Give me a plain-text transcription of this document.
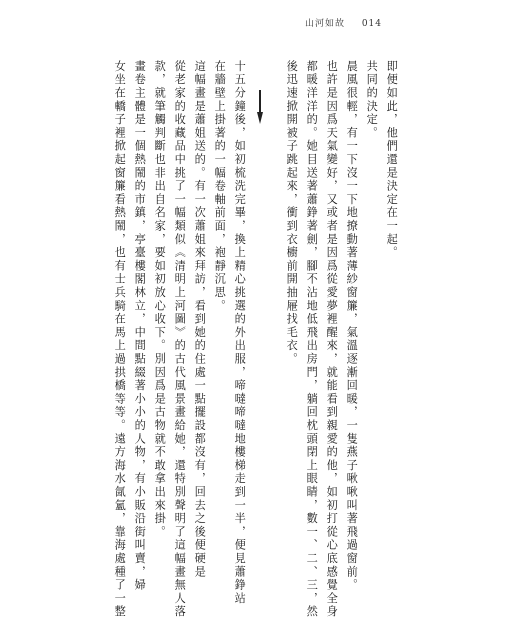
山河如故 014
即便如此，他們還是決定在一起。
共同的決定。
晨風很輕，有一下沒一下地撩動著薄紗窗簾，氣溫逐漸回暖，一隻燕子啾啾叫著飛過窗前。
也許是因爲天氣變好，又或者是因爲從愛夢裡醒來，就能看到親愛的他，如初打從心底感覺全身
都暖洋洋的。她目送著蕭錚著劍，腳不沾地低飛出房門，躺回枕頭閉上眼睛，數一、二、三，然
後迅速掀開被子跳起來，衝到衣櫥前開抽屜找毛衣。
十五分鐘後，如初梳洗完畢，換上精心挑選的外出服，啼噠啼噠地樓梯走到一半，便見蕭錚站
在牆壁上掛著的一幅卷軸前面，袍靜沉思。
這幅畫是蕭姐送的。有一次蕭姐來拜訪，看到她的住處一點擺設都沒有，回去之後便硬是
從老家的收藏品中挑了一幅類似《清明上河圖》的古代風景畫給她，還特別聲明了這幅畫無人落
款，就筆觸判斷也非出自名家，要如初放心收下。別因爲是古物就不敢拿出來掛。
畫卷主體是一個熱鬧的市鎮，亭臺樓閣林立，中間點綴著小小的人物，有小販沿街叫賣，婦
女坐在轎子裡掀起窗簾看熱鬧，也有士兵騎在馬上過拱橋等等。遠方海水氤氳，靠海處種了一整
